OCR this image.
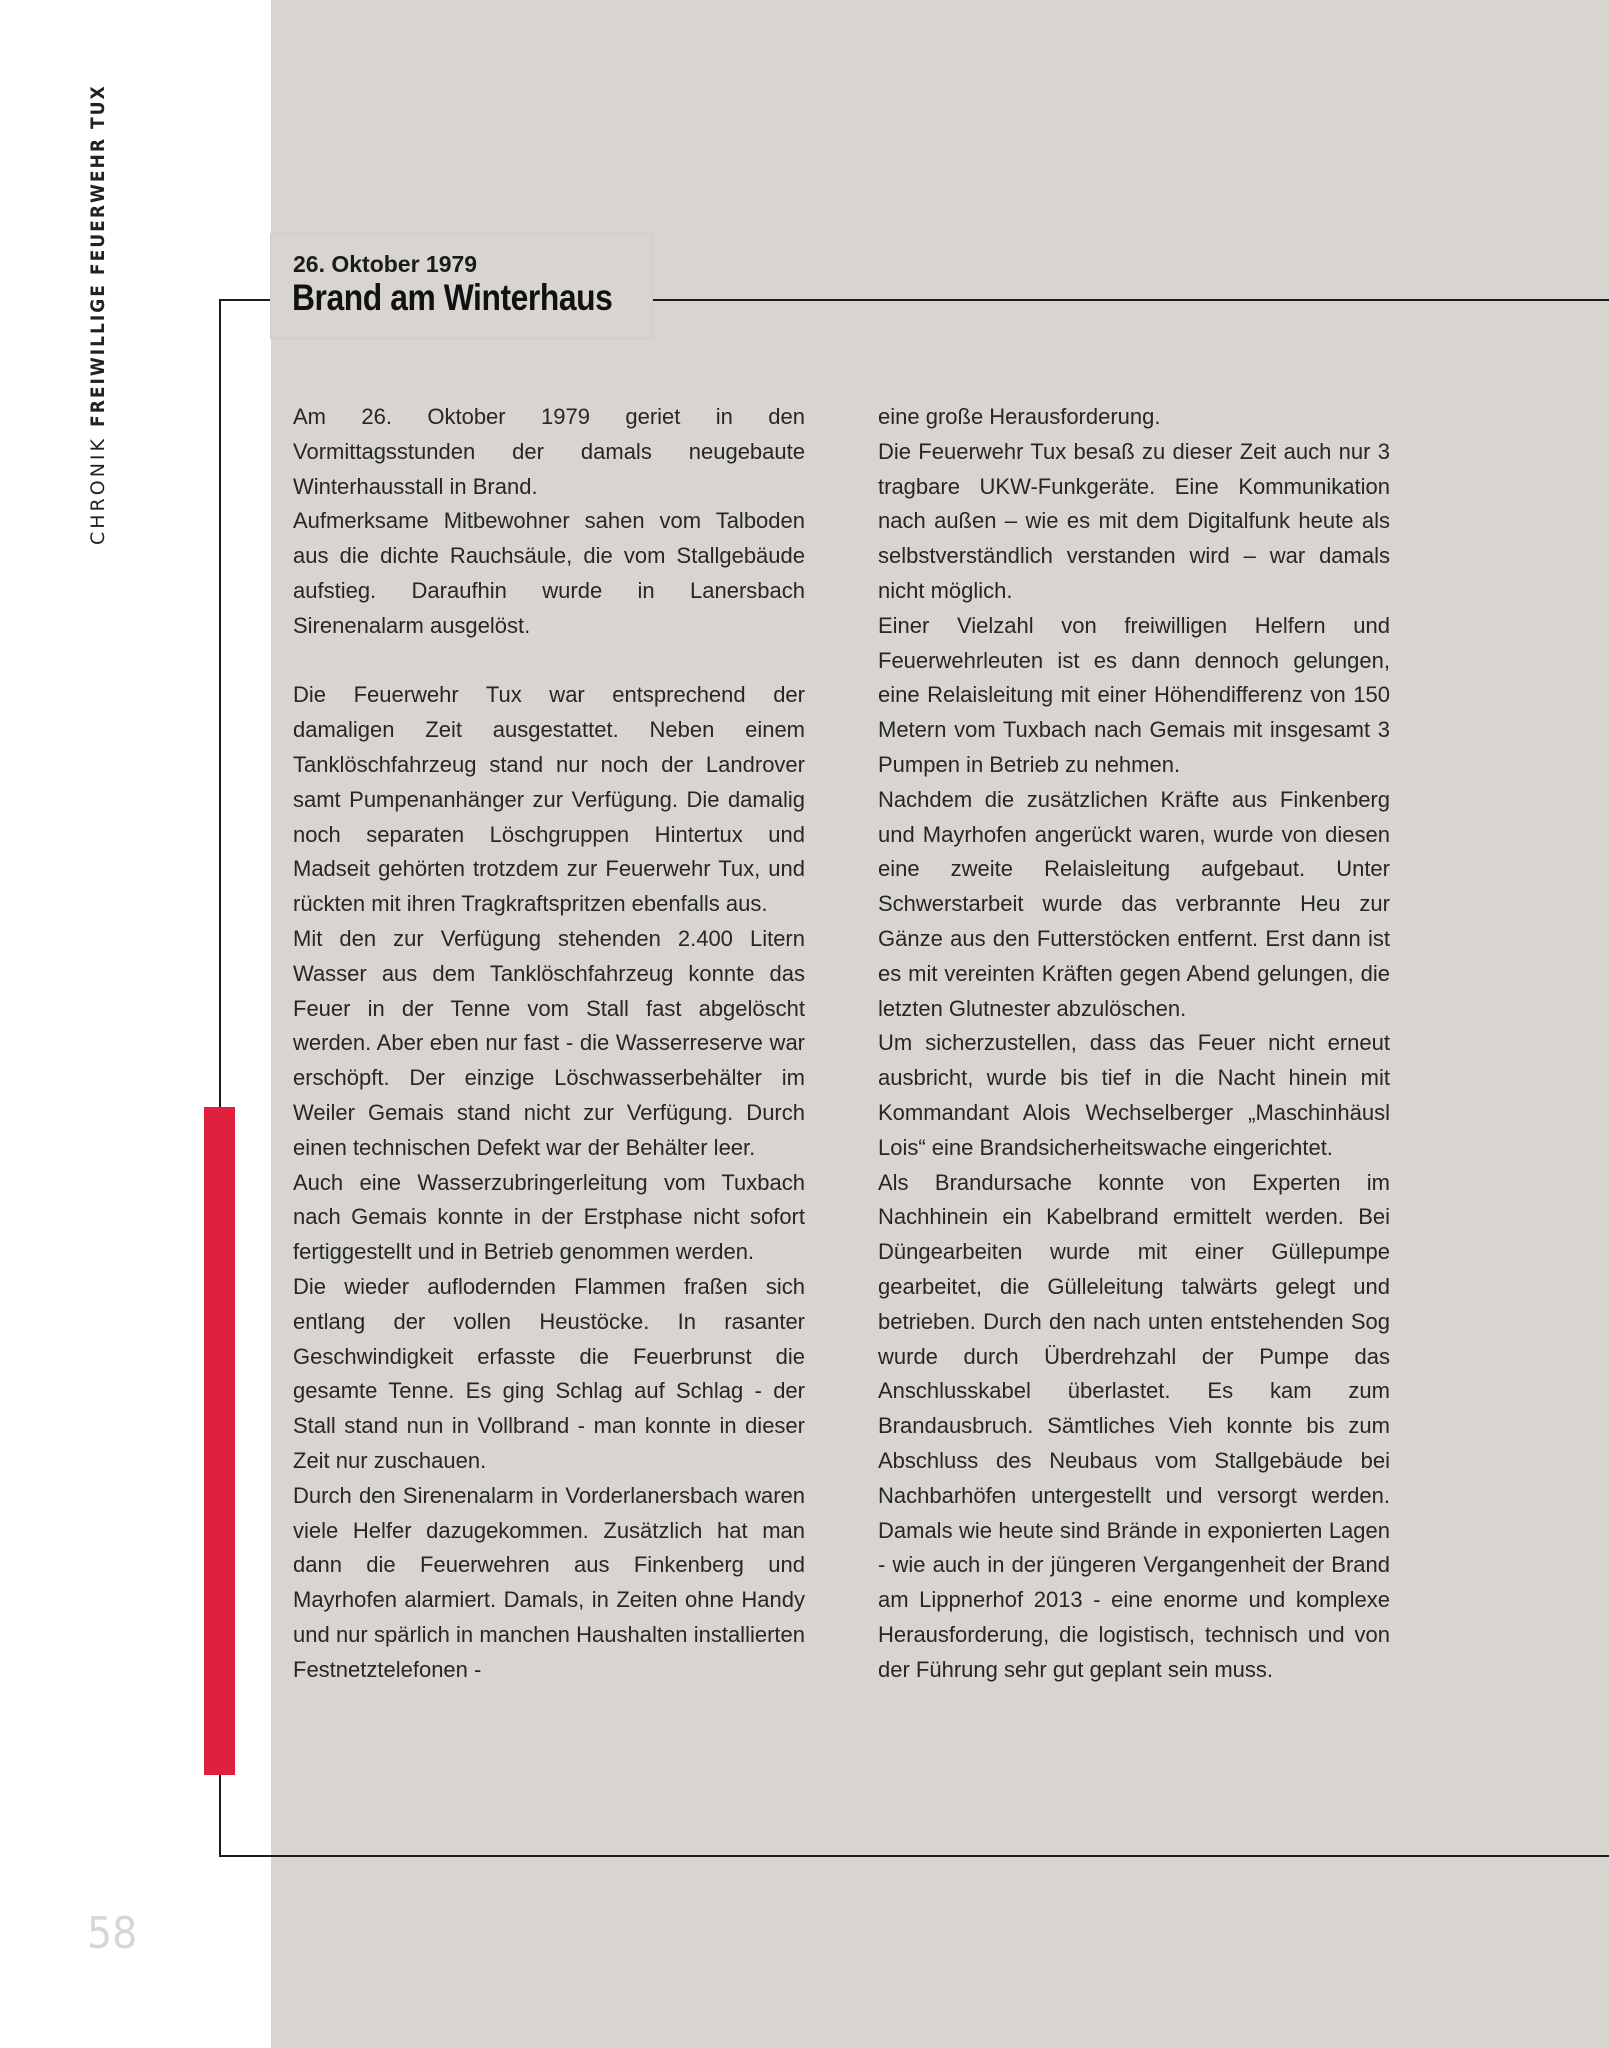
CHRONIK FREIWILLIGE FEUERWEHR TUX	26. Oktober 1979
Brand am Winterhaus

Am 26. Oktober 1979 geriet in den Vormittagsstunden der damals neugebaute Winterhausstall in Brand.

Aufmerksame Mitbewohner sahen vom Talboden aus die dichte Rauchsäule, die vom Stallgebäude aufstieg. Daraufhin wurde in Lanersbach Sirenenalarm ausgelöst.

Die Feuerwehr Tux war entsprechend der damaligen Zeit ausgestattet. Neben einem Tanklöschfahrzeug stand nur noch der Landrover samt Pumpenanhänger zur Verfügung. Die damalig noch separaten Löschgruppen Hintertux und Madseit gehörten trotzdem zur Feuerwehr Tux, und rückten mit ihren Tragkraftspritzen ebenfalls aus.

Mit den zur Verfügung stehenden 2.400 Litern Wasser aus dem Tanklöschfahrzeug konnte das Feuer in der Tenne vom Stall fast abgelöscht werden. Aber eben nur fast - die Wasserreserve war erschöpft. Der einzige Löschwasserbehälter im Weiler Gemais stand nicht zur Verfügung. Durch einen technischen Defekt war der Behälter leer.

Auch eine Wasserzubringerleitung vom Tuxbach nach Gemais konnte in der Erstphase nicht sofort fertiggestellt und in Betrieb genommen werden.

Die wieder auflodernden Flammen fraßen sich entlang der vollen Heustöcke. In rasanter Geschwindigkeit erfasste die Feuerbrunst die gesamte Tenne. Es ging Schlag auf Schlag - der Stall stand nun in Vollbrand - man konnte in dieser Zeit nur zuschauen.

Durch den Sirenenalarm in Vorderlanersbach waren viele Helfer dazugekommen. Zusätzlich hat man dann die Feuerwehren aus Finkenberg und Mayrhofen alarmiert. Damals, in Zeiten ohne Handy und nur spärlich in manchen Haushalten installierten Festnetztelefonen -

eine große Herausforderung.

Die Feuerwehr Tux besaß zu dieser Zeit auch nur 3 tragbare UKW-Funkgeräte. Eine Kommunikation nach außen – wie es mit dem Digitalfunk heute als selbstverständlich verstanden wird – war damals nicht möglich.

Einer Vielzahl von freiwilligen Helfern und Feuerwehrleuten ist es dann dennoch gelungen, eine Relaisleitung mit einer Höhendifferenz von 150 Metern vom Tuxbach nach Gemais mit insgesamt 3 Pumpen in Betrieb zu nehmen.

Nachdem die zusätzlichen Kräfte aus Finkenberg und Mayrhofen angerückt waren, wurde von diesen eine zweite Relaisleitung aufgebaut. Unter Schwerstarbeit wurde das verbrannte Heu zur Gänze aus den Futterstöcken entfernt. Erst dann ist es mit vereinten Kräften gegen Abend gelungen, die letzten Glutnester abzulöschen.

Um sicherzustellen, dass das Feuer nicht erneut ausbricht, wurde bis tief in die Nacht hinein mit Kommandant Alois Wechselberger „Maschinhäusl Lois“ eine Brandsicherheitswache eingerichtet.

Als Brandursache konnte von Experten im Nachhinein ein Kabelbrand ermittelt werden. Bei Düngearbeiten wurde mit einer Güllepumpe gearbeitet, die Gülleleitung talwärts gelegt und betrieben. Durch den nach unten entstehenden Sog wurde durch Überdrehzahl der Pumpe das Anschlusskabel überlastet. Es kam zum Brandausbruch. Sämtliches Vieh konnte bis zum Abschluss des Neubaus vom Stallgebäude bei Nachbarhöfen untergestellt und versorgt werden. Damals wie heute sind Brände in exponierten Lagen - wie auch in der jüngeren Vergangenheit der Brand am Lippnerhof 2013 - eine enorme und komplexe Herausforderung, die logistisch, technisch und von der Führung sehr gut geplant sein muss.

58
